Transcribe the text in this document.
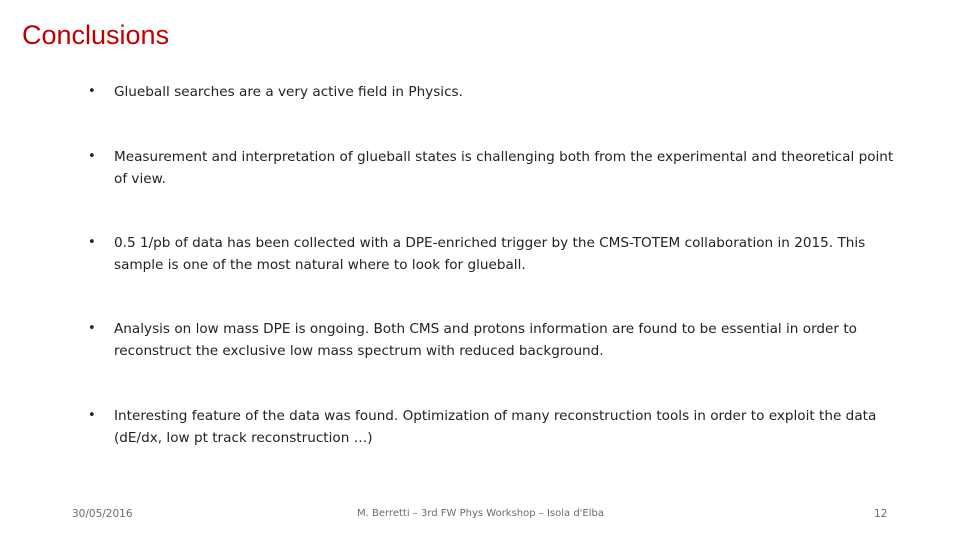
Conclusions
•	Glueball searches are a very active field in Physics.
•	Measurement and interpretation of glueball states is challenging both from the experimental and theoretical point of view.
•	0.5 1/pb of data has been collected with a DPE-enriched trigger by the CMS-TOTEM collaboration in 2015. This sample is one of the most natural where to look for glueball.
•	Analysis on low mass DPE is ongoing. Both CMS and protons information are found to be essential in order to reconstruct the exclusive low mass spectrum with reduced background.
•	Interesting feature of the data was found. Optimization of many reconstruction tools in order to exploit the data (dE/dx, low pt track reconstruction …)
30/05/2016	M. Berretti – 3rd FW Phys Workshop – Isola d'Elba	12
